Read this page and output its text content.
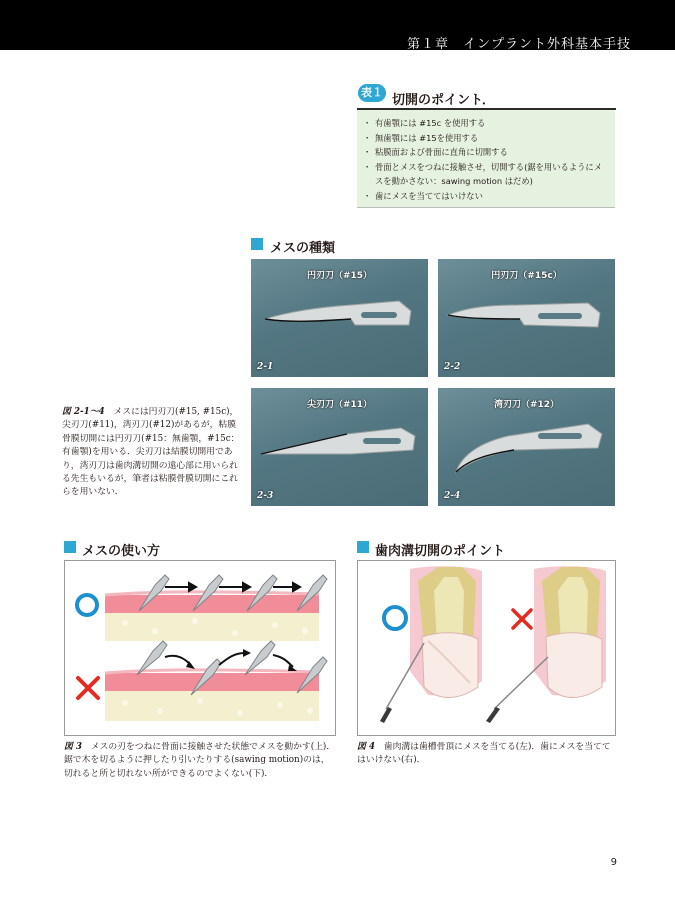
第１章　インプラント外科基本手技
表１
切開のポイント．
・ 有歯顎には #15c を使用する
・ 無歯顎には #15を使用する
・ 粘膜面および骨面に直角に切開する
・ 骨面とメスをつねに接触させ，切開する(鋸を用いるようにメスを動かさない：sawing motion はだめ)
・ 歯にメスを当ててはいけない
メスの種類
円刃刀（#15）
2-1
円刃刀（#15c）
2-2
尖刃刀（#11）
2-3
湾刃刀（#12）
2-4
図 2-1〜4　メスには円刃刀(#15, #15c)，尖刃刀(#11)，湾刃刀(#12)があるが，粘膜骨膜切開には円刃刀(#15：無歯顎，#15c：有歯顎)を用いる．尖刃刀は結膜切開用であり，湾刃刀は歯肉溝切開の遠心部に用いられる先生もいるが，筆者は粘膜骨膜切開にこれらを用いない．
メスの使い方
図 3　メスの刃をつねに骨面に接触させた状態でメスを動かす(上)．鋸で木を切るように押したり引いたりする(sawing motion)のは，切れると所と切れない所ができるのでよくない(下)．
歯肉溝切開のポイント
図 4　歯肉溝は歯槽骨頂にメスを当てる(左)．歯にメスを当ててはいけない(右)．
9
